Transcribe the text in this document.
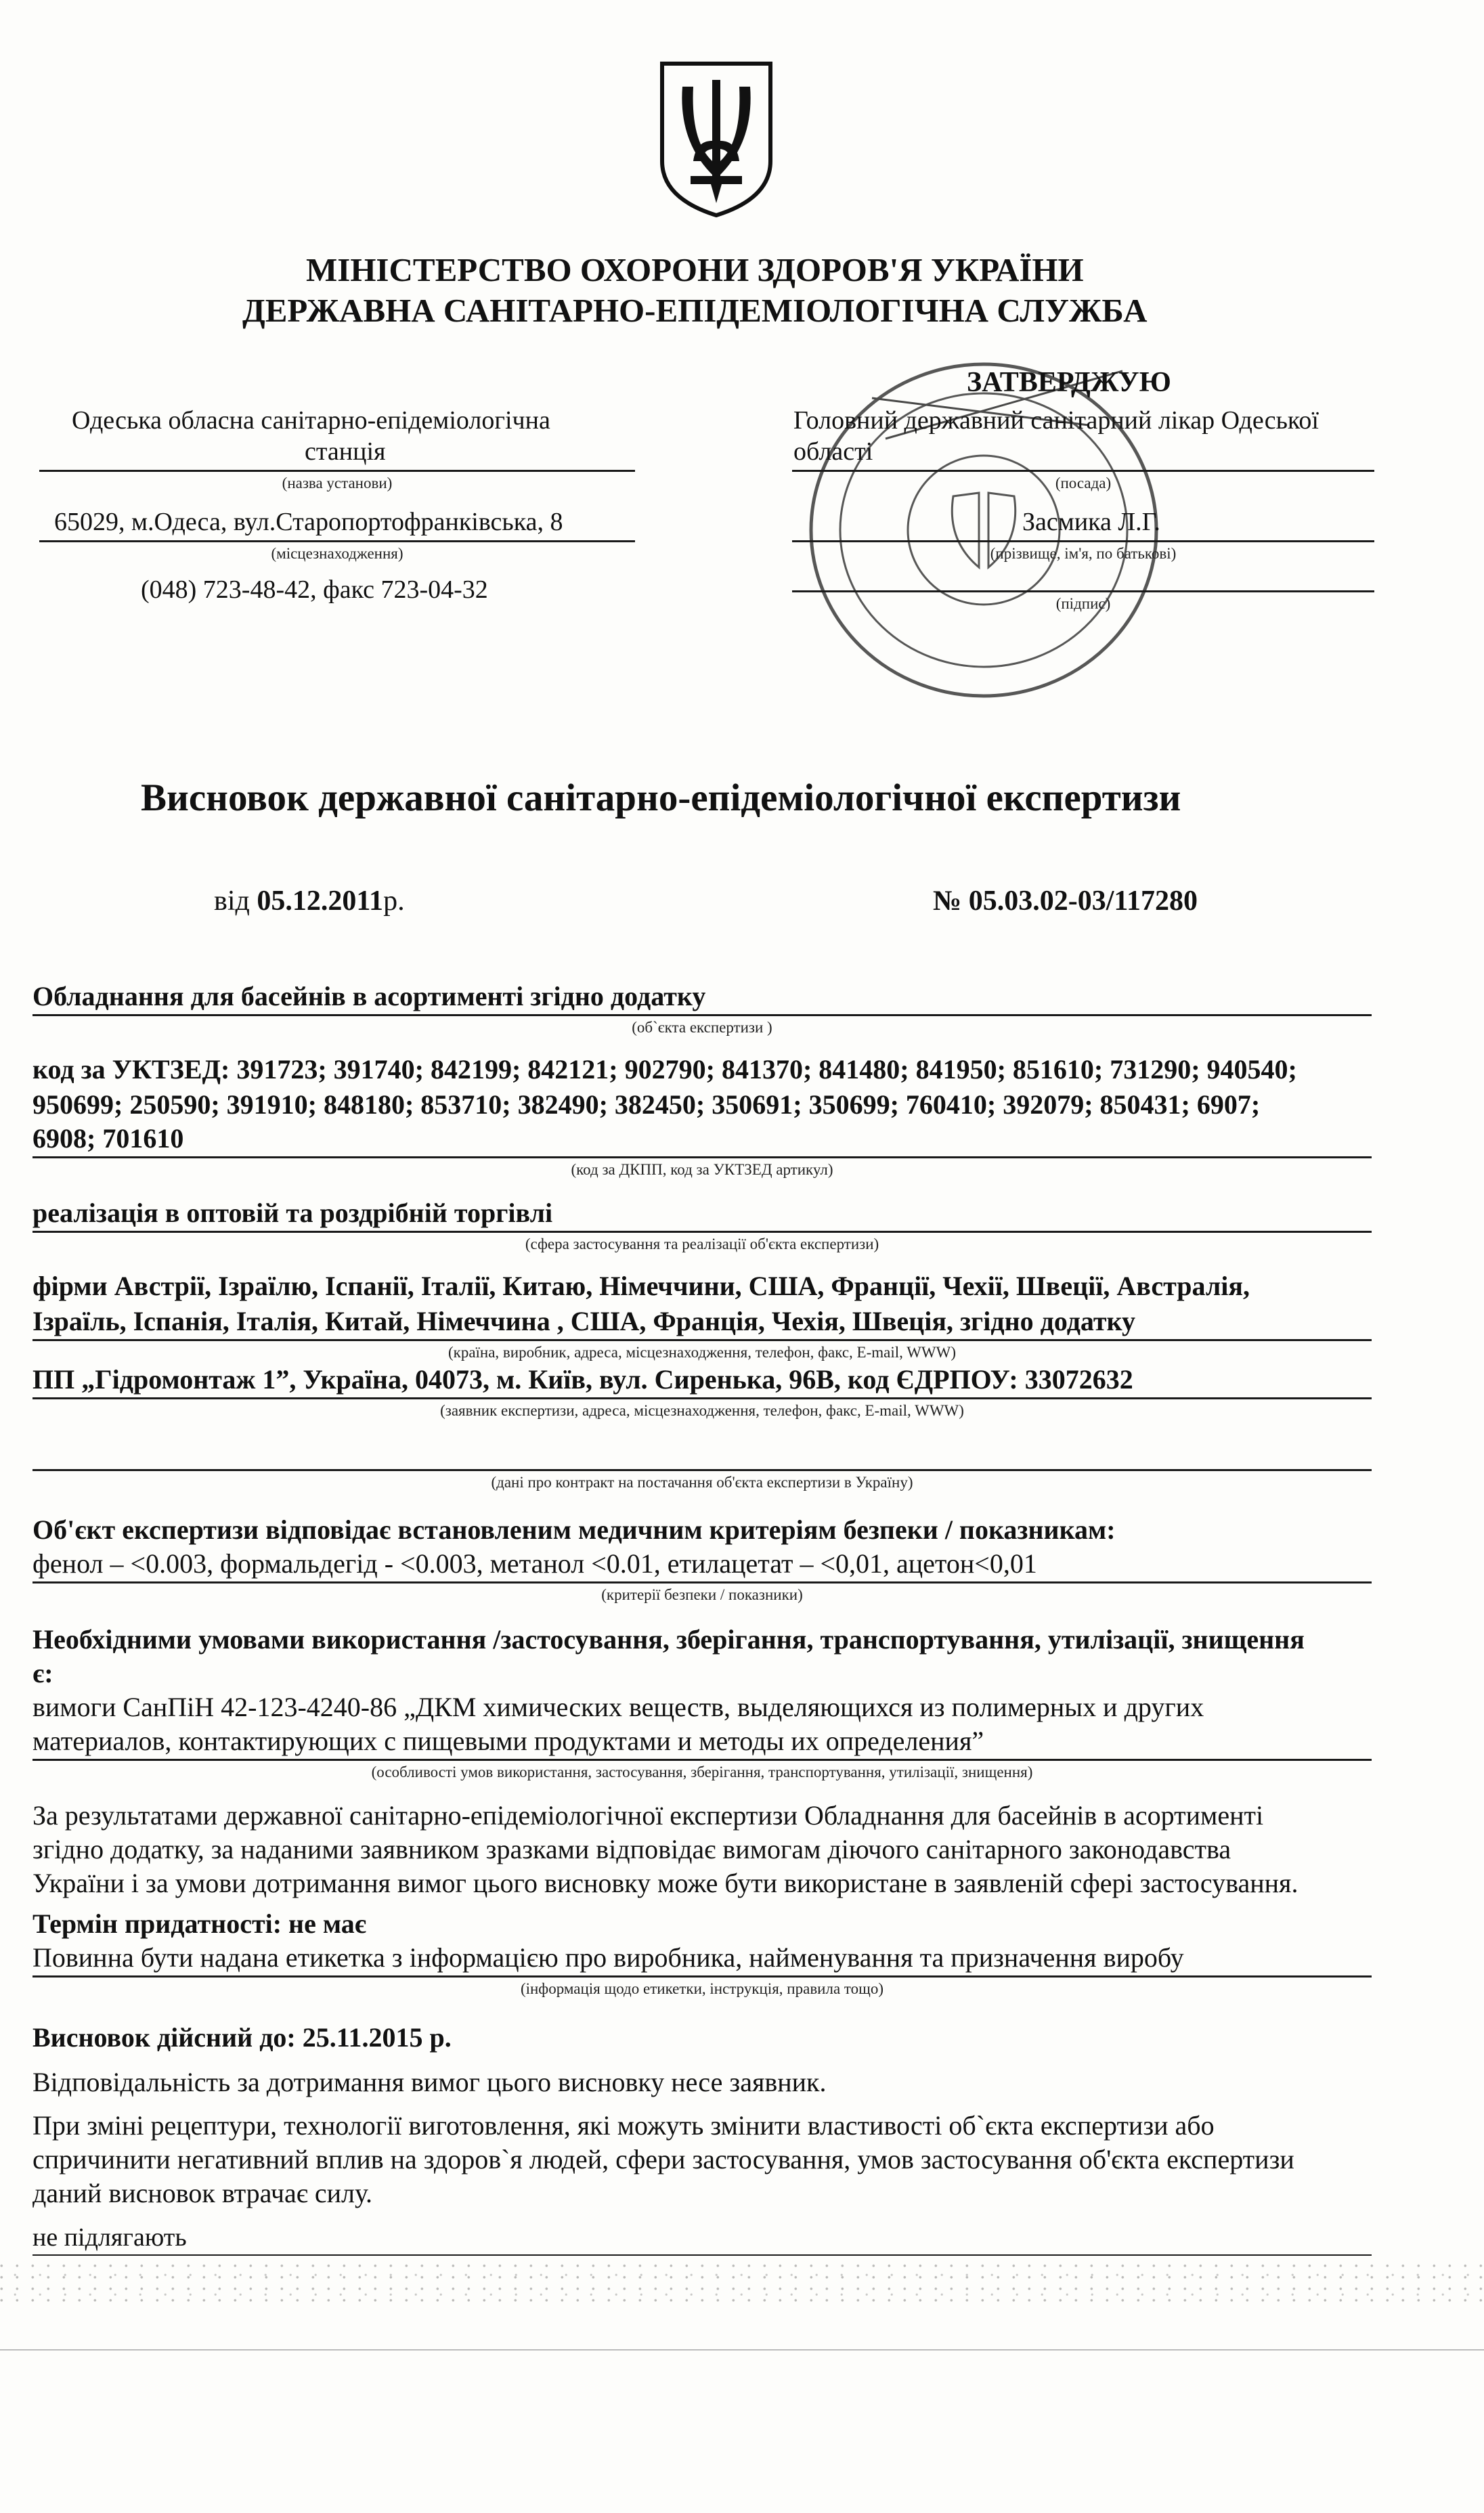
МІНІСТЕРСТВО ОХОРОНИ ЗДОРОВ'Я УКРАЇНИ
ДЕРЖАВНА САНІТАРНО-ЕПІДЕМІОЛОГІЧНА СЛУЖБА
Одеська обласна санітарно-епідеміологічна
станція
(назва установи)
65029, м.Одеса, вул.Старопортофранківська, 8
(місцезнаходження)
(048) 723-48-42, факс 723-04-32
ЗАТВЕРДЖУЮ
Головний державний санітарний лікар Одеської
області
(посада)
Засмика Л.Г.
(прізвище, ім'я, по батькові)
(підпис)
Висновок державної санітарно-епідеміологічної експертизи
від 05.12.2011р.	№ 05.03.02-03/117280
Обладнання для басейнів в асортименті згідно додатку
(об`єкта експертизи )
код за УКТЗЕД: 391723; 391740; 842199; 842121; 902790; 841370; 841480; 841950; 851610; 731290; 940540;
950699; 250590; 391910; 848180; 853710; 382490; 382450; 350691; 350699; 760410; 392079; 850431; 6907;
6908; 701610
(код за ДКПП, код за УКТЗЕД артикул)
реалізація в оптовій та роздрібній торгівлі
(сфера застосування та реалізації об'єкта експертизи)
фірми Австрії, Ізраїлю, Іспанії, Італії, Китаю, Німеччини, США, Франції, Чехії, Швеції, Австралія,
Ізраїль, Іспанія, Італія, Китай, Німеччина , США, Франція, Чехія, Швеція, згідно додатку
(країна, виробник, адреса, місцезнаходження, телефон, факс, E-mail, WWW)
ПП „Гідромонтаж 1”, Україна, 04073, м. Київ, вул. Сиренька, 96В, код ЄДРПОУ: 33072632
(заявник експертизи, адреса, місцезнаходження, телефон, факс, E-mail, WWW)
(дані про контракт на постачання об'єкта експертизи в Україну)
Об'єкт експертизи відповідає встановленим медичним критеріям безпеки / показникам:
фенол – <0.003, формальдегід - <0.003, метанол <0.01, етилацетат – <0,01, ацетон<0,01
(критерії безпеки / показники)
Необхідними умовами використання /застосування, зберігання, транспортування, утилізації, знищення
є:
вимоги СанПіН 42-123-4240-86 „ДКМ химических веществ, выделяющихся из полимерных и других
материалов, контактирующих с пищевыми продуктами и методы их определения”
(особливості умов використання, застосування, зберігання, транспортування, утилізації, знищення)
За результатами державної санітарно-епідеміологічної експертизи Обладнання для басейнів в асортименті
згідно додатку, за наданими заявником зразками відповідає вимогам діючого санітарного законодавства
України і за умови дотримання вимог цього висновку може бути використане в заявленій сфері застосування.
Термін придатності: не має
Повинна бути надана етикетка з інформацією про виробника, найменування та призначення виробу
(інформація щодо етикетки, інструкція, правила тощо)
Висновок дійсний до: 25.11.2015 р.
Відповідальність за дотримання вимог цього висновку несе заявник.
При зміні рецептури, технології виготовлення, які можуть змінити властивості об`єкта експертизи або
спричинити негативний вплив на здоров`я людей, сфери застосування, умов застосування об'єкта експертизи
даний висновок втрачає силу.
не підлягають
